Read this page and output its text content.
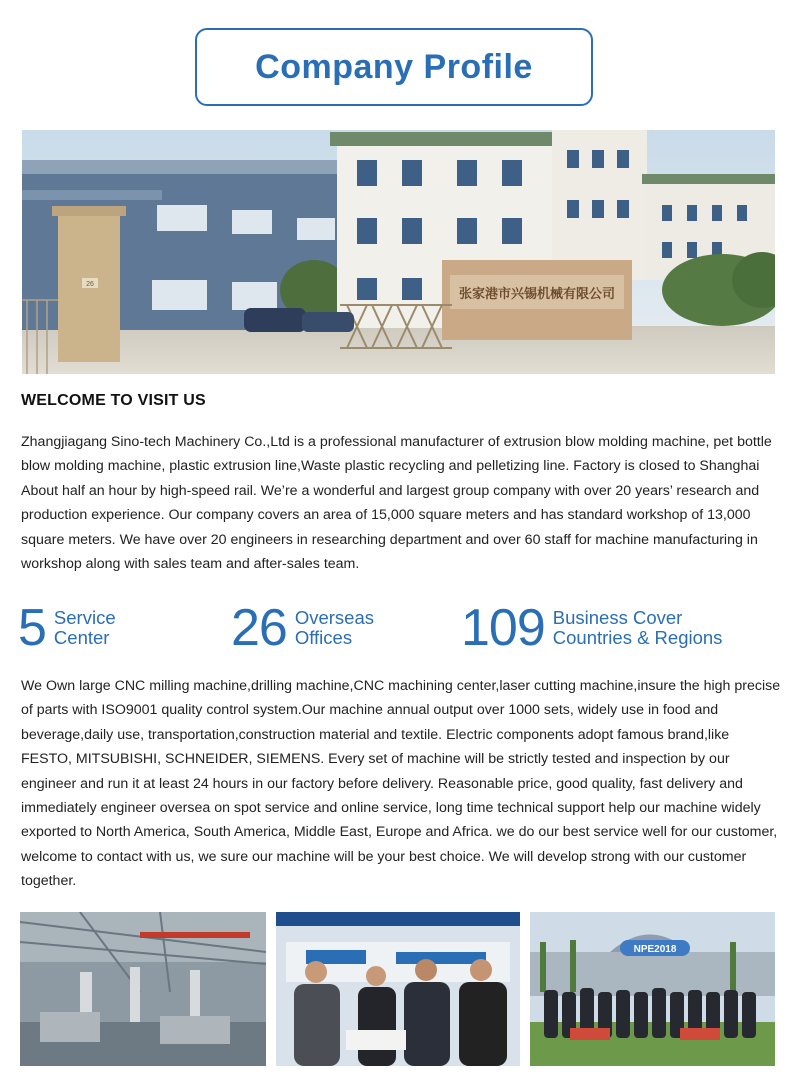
Company Profile
26
张家港市兴锡机械有限公司
WELCOME TO VISIT US

Zhangjiagang Sino-tech Machinery Co.,Ltd is a professional manufacturer of extrusion blow molding machine, pet bottle blow molding machine, plastic extrusion line,Waste plastic recycling and pelletizing line. Factory is closed to Shanghai About half an hour by high-speed rail. We’re a wonderful and largest group company with over 20 years’ research and production experience. Our company covers an area of 15,000 square meters and has standard workshop of 13,000 square meters. We have over 20 engineers in researching department and over 60 staff for machine manufacturing in workshop along with sales team and after-sales team.

5 Service
Center 26 Overseas
Offices	109 Business Cover
Countries & Regions

We Own large CNC milling machine,drilling machine,CNC machining center,laser cutting machine,insure the high precise of parts with ISO9001 quality control system.Our machine annual output over 1000 sets, widely use in food and beverage,daily use, transportation,construction material and textile. Electric components adopt famous brand,like FESTO, MITSUBISHI, SCHNEIDER, SIEMENS. Every set of machine will be strictly tested and inspection by our engineer and run it at least 24 hours in our factory before delivery. Reasonable price, good quality, fast delivery and immediately engineer oversea on spot service and online service, long time technical support help our machine widely exported to North America, South America, Middle East, Europe and Africa. we do our best service well for our customer, welcome to contact with us, we sure our machine will be your best choice. We will develop strong with our customer together.

NPE2018
